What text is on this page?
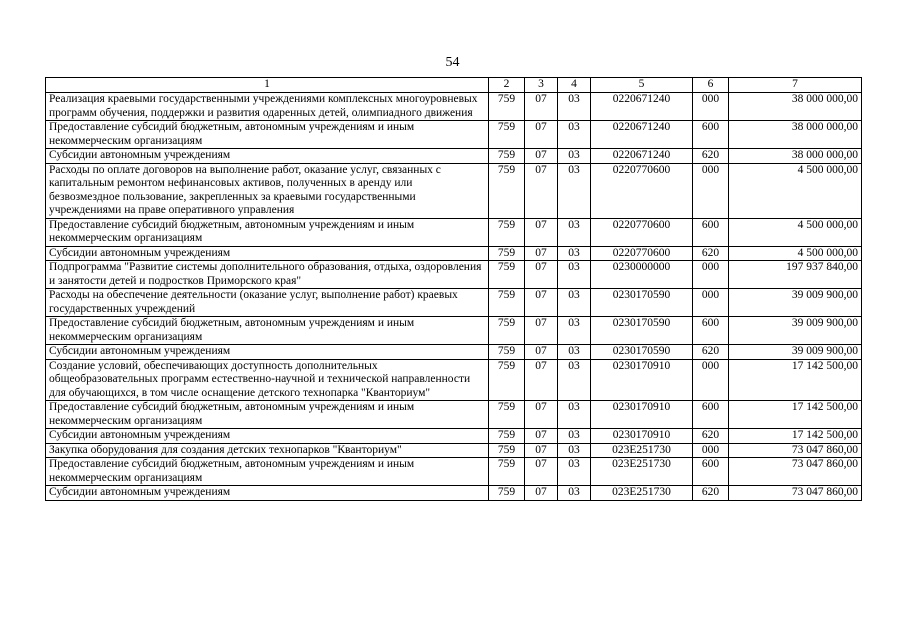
54
1	2	3	4	5	6	7
Реализация краевыми государственными учреждениями комплексных многоуровневых программ обучения, поддержки и развития одаренных детей, олимпиадного движения	759	07	03	0220671240	000	38 000 000,00
Предоставление субсидий бюджетным, автономным учреждениям и иным некоммерческим организациям	759	07	03	0220671240	600	38 000 000,00
Субсидии автономным учреждениям	759	07	03	0220671240	620	38 000 000,00
Расходы по оплате договоров на выполнение работ, оказание услуг, связанных с капитальным ремонтом нефинансовых активов, полученных в аренду или безвозмездное пользование, закрепленных за краевыми государственными учреждениями на праве оперативного управления	759	07	03	0220770600	000	4 500 000,00
Предоставление субсидий бюджетным, автономным учреждениям и иным некоммерческим организациям	759	07	03	0220770600	600	4 500 000,00
Субсидии автономным учреждениям	759	07	03	0220770600	620	4 500 000,00
Подпрограмма "Развитие системы дополнительного образования, отдыха, оздоровления и занятости детей и подростков Приморского края"	759	07	03	0230000000	000	197 937 840,00
Расходы на обеспечение деятельности (оказание услуг, выполнение работ) краевых государственных учреждений	759	07	03	0230170590	000	39 009 900,00
Предоставление субсидий бюджетным, автономным учреждениям и иным некоммерческим организациям	759	07	03	0230170590	600	39 009 900,00
Субсидии автономным учреждениям	759	07	03	0230170590	620	39 009 900,00
Создание условий, обеспечивающих доступность дополнительных общеобразовательных программ естественно-научной и технической направленности для обучающихся, в том числе оснащение детского технопарка "Кванториум"	759	07	03	0230170910	000	17 142 500,00
Предоставление субсидий бюджетным, автономным учреждениям и иным некоммерческим организациям	759	07	03	0230170910	600	17 142 500,00
Субсидии автономным учреждениям	759	07	03	0230170910	620	17 142 500,00
Закупка оборудования для создания детских технопарков "Кванториум"	759	07	03	023E251730	000	73 047 860,00
Предоставление субсидий бюджетным, автономным учреждениям и иным некоммерческим организациям	759	07	03	023E251730	600	73 047 860,00
Субсидии автономным учреждениям	759	07	03	023E251730	620	73 047 860,00
